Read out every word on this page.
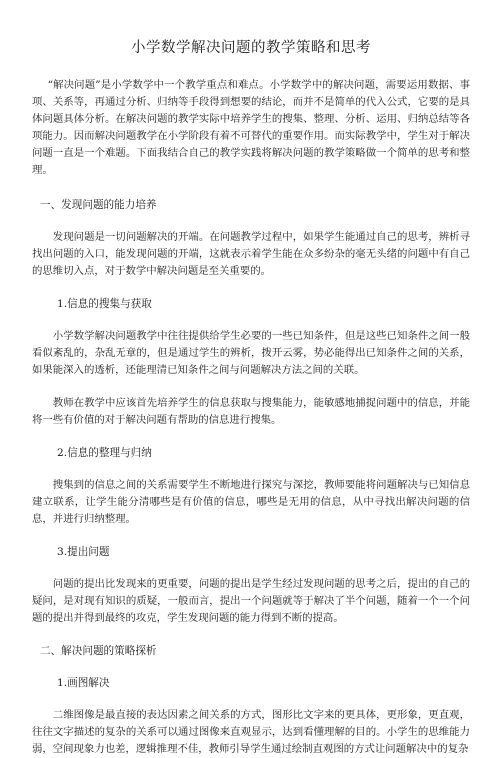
小学数学解决问题的教学策略和思考

“解决问题”是小学数学中一个教学重点和难点。小学数学中的解决问题，需要运用数据、事项、关系等，再通过分析、归纳等手段得到想要的结论，而并不是简单的代入公式，它要的是具体问题具体分析。在解决问题的教学实际中培养学生的搜集、整理、分析、运用、归纳总结等各项能力。因而解决问题教学在小学阶段有着不可替代的重要作用。而实际教学中，学生对于解决问题一直是一个难题。下面我结合自己的教学实践将解决问题的教学策略做一个简单的思考和整理。

一、发现问题的能力培养

发现问题是一切问题解决的开端。在问题教学过程中，如果学生能通过自己的思考，辨析寻找出问题的入口，能发现问题的开端，这就表示着学生能在众多纷杂的毫无头绪的问题中有自己的思维切入点，对于数学中解决问题是至关重要的。

1.信息的搜集与获取

小学数学解决问题教学中往往提供给学生必要的一些已知条件，但是这些已知条件之间一般看似紊乱的，杂乱无章的，但是通过学生的辨析，拨开云雾，势必能得出已知条件之间的关系，如果能深入的透析，还能理清已知条件之间与问题解决方法之间的关联。

教师在教学中应该首先培养学生的信息获取与搜集能力，能敏感地捕捉问题中的信息，并能将一些有价值的对于解决问题有帮助的信息进行搜集。

2.信息的整理与归纳

搜集到的信息之间的关系需要学生不断地进行探究与深挖，教师要能将问题解决与已知信息建立联系，让学生能分清哪些是有价值的信息，哪些是无用的信息，从中寻找出解决问题的信息，并进行归纳整理。

3.提出问题

问题的提出比发现来的更重要，问题的提出是学生经过发现问题的思考之后，提出的自己的疑问，是对现有知识的质疑，一般而言，提出一个问题就等于解决了半个问题，随着一个一个问题的提出并得到最终的攻克，学生发现问题的能力得到不断的提高。

二、解决问题的策略探析

1.画图解决

二维图像是最直接的表达因素之间关系的方式，图形比文字来的更具体，更形象，更直观，往往文字描述的复杂的关系可以通过图像来直观显示，达到看懂理解的目的。小学生的思维能力弱，空间现象力也差，逻辑推理不佳，教师引导学生通过绘制直观图的方式让问题解决中的复杂
